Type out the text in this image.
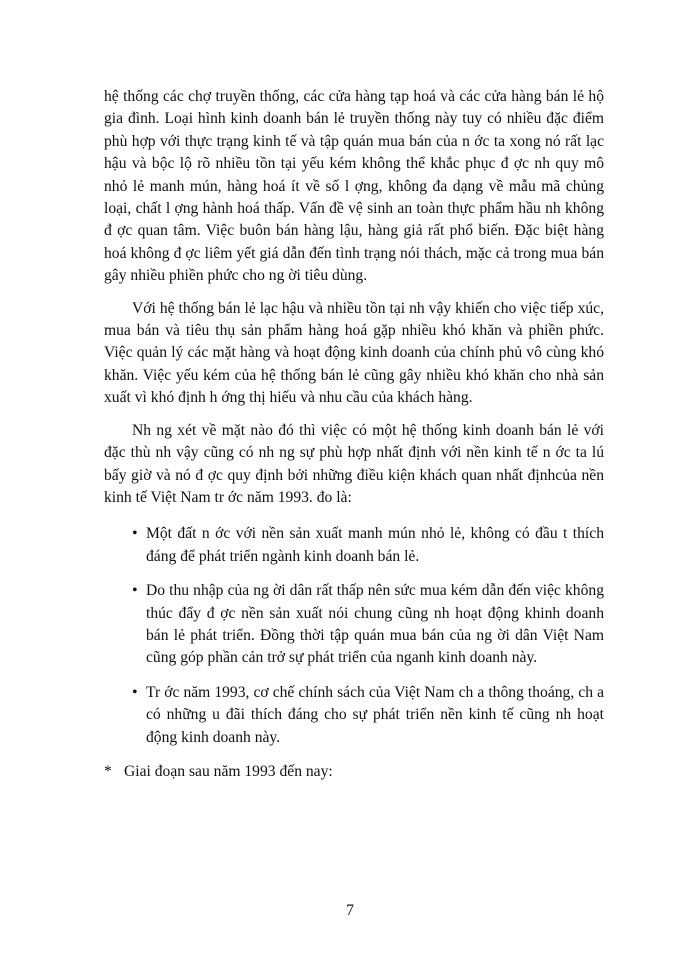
hệ thống các chợ truyền thống, các cửa hàng tạp hoá và các cửa hàng bán lẻ hộ gia đình. Loại hình kinh doanh bán lẻ truyền thống này tuy có nhiều đặc điểm phù hợp với thực trạng kinh tế và tập quán mua bán của n ớc ta xong nó rất lạc hậu và bộc lộ rõ nhiều tồn tại yếu kém không thể khắc phục đ ợc nh quy mô nhỏ lẻ manh mún, hàng hoá ít về số l ợng, không đa dạng về mẫu mã chủng loại, chất l ợng hành hoá thấp. Vấn đề vệ sinh an toàn thực phẩm hầu nh không đ ợc quan tâm. Việc buôn bán hàng lậu, hàng giả rất phổ biến. Đặc biệt hàng hoá không đ ợc liêm yết giá dẫn đến tình trạng nói thách, mặc cả trong mua bán gây nhiều phiền phức cho ng ời tiêu dùng.

Với hệ thống bán lẻ lạc hậu và nhiều tồn tại nh vậy khiến cho việc tiếp xúc, mua bán và tiêu thụ sản phẩm hàng hoá gặp nhiều khó khăn và phiền phức. Việc quản lý các mặt hàng và hoạt động kinh doanh của chính phủ vô cùng khó khăn. Việc yếu kém của hệ thống bán lẻ cũng gây nhiều khó khăn cho nhà sản xuất vì khó định h ớng thị hiếu và nhu cầu của khách hàng.

Nh ng xét về mặt nào đó thì việc có một hệ thống kinh doanh bán lẻ với đặc thù nh vậy cũng có nh ng sự phù hợp nhất định với nền kinh tế n ớc ta lú bấy giờ và nó đ ợc quy định bởi những điều kiện khách quan nhất địnhcủa nền kinh tế Việt Nam tr ớc năm 1993. đo là:

• Một đất n ớc với nền sản xuất manh mún nhỏ lẻ, không có đầu t thích đáng để phát triển ngành kinh doanh bán lẻ.
• Do thu nhập của ng ời dân rất thấp nên sức mua kém dẫn đến việc không thúc đẩy đ ợc nền sản xuất nói chung cũng nh hoạt động khinh doanh bán lẻ phát triển. Đồng thời tập quán mua bán của ng ời dân Việt Nam cũng góp phần cản trở sự phát triển của nganh kinh doanh này.
• Tr ớc năm 1993, cơ chế chính sách của Việt Nam ch a thông thoáng, ch a có những u đãi thích đáng cho sự phát triển nền kinh tế cũng nh hoạt động kinh doanh này.

* Giai đoạn sau năm 1993 đến nay:

7
